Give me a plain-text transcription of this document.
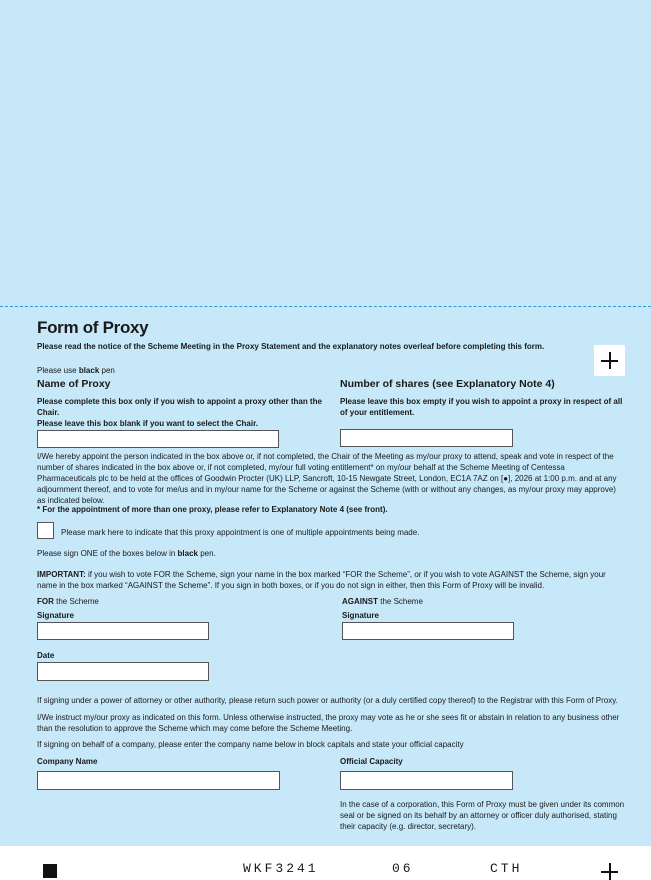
Form of Proxy
Please read the notice of the Scheme Meeting in the Proxy Statement and the explanatory notes overleaf before completing this form.
Please use black pen
Name of Proxy
Please complete this box only if you wish to appoint a proxy other than the Chair.
Please leave this box blank if you want to select the Chair.
Number of shares (see Explanatory Note 4)
Please leave this box empty if you wish to appoint a proxy in respect of all of your entitlement.
I/We hereby appoint the person indicated in the box above or, if not completed, the Chair of the Meeting as my/our proxy to attend, speak and vote in respect of the number of shares indicated in the box above or, if not completed, my/our full voting entitlement* on my/our behalf at the Scheme Meeting of Centessa Pharmaceuticals plc to be held at the offices of Goodwin Procter (UK) LLP, Sancroft, 10-15 Newgate Street, London, EC1A 7AZ on [●], 2026 at 1:00 p.m. and at any adjournment thereof, and to vote for me/us and in my/our name for the Scheme or against the Scheme (with or without any changes, as my/our proxy may approve) as indicated below.
* For the appointment of more than one proxy, please refer to Explanatory Note 4 (see front).
Please mark here to indicate that this proxy appointment is one of multiple appointments being made.
Please sign ONE of the boxes below in black pen.
IMPORTANT: if you wish to vote FOR the Scheme, sign your name in the box marked “FOR the Scheme”, or if you wish to vote AGAINST the Scheme, sign your name in the box marked “AGAINST the Scheme”. If you sign in both boxes, or if you do not sign in either, then this Form of Proxy will be invalid.
FOR the Scheme
Signature
AGAINST the Scheme
Signature
Date
If signing under a power of attorney or other authority, please return such power or authority (or a duly certified copy thereof) to the Registrar with this Form of Proxy.
I/We instruct my/our proxy as indicated on this form. Unless otherwise instructed, the proxy may vote as he or she sees fit or abstain in relation to any business other than the resolution to approve the Scheme which may come before the Scheme Meeting.
If signing on behalf of a company, please enter the company name below in block capitals and state your official capacity
Company Name	Official Capacity
In the case of a corporation, this Form of Proxy must be given under its common seal or be signed on its behalf by an attorney or officer duly authorised, stating their capacity (e.g. director, secretary).
WKF3241	06	CTH
